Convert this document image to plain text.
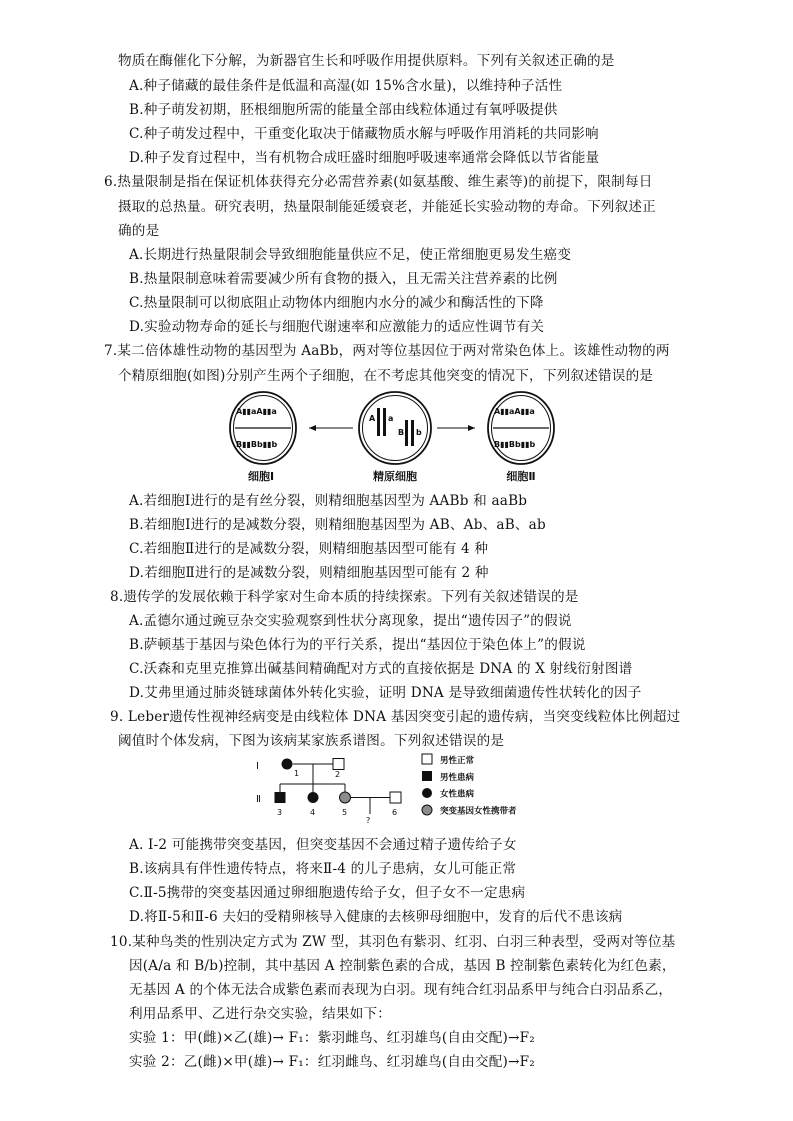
物质在酶催化下分解，为新器官生长和呼吸作用提供原料。下列有关叙述正确的是
A.种子储藏的最佳条件是低温和高湿(如 15%含水量)，以维持种子活性
B.种子萌发初期，胚根细胞所需的能量全部由线粒体通过有氧呼吸提供
C.种子萌发过程中，干重变化取决于储藏物质水解与呼吸作用消耗的共同影响
D.种子发育过程中，当有机物合成旺盛时细胞呼吸速率通常会降低以节省能量
6.热量限制是指在保证机体获得充分必需营养素(如氨基酸、维生素等)的前提下，限制每日
摄取的总热量。研究表明，热量限制能延缓衰老，并能延长实验动物的寿命。下列叙述正
确的是
A.长期进行热量限制会导致细胞能量供应不足，使正常细胞更易发生癌变
B.热量限制意味着需要减少所有食物的摄入，且无需关注营养素的比例
C.热量限制可以彻底阻止动物体内细胞内水分的减少和酶活性的下降
D.实验动物寿命的延长与细胞代谢速率和应激能力的适应性调节有关
7.某二倍体雄性动物的基因型为 AaBb，两对等位基因位于两对常染色体上。该雄性动物的两
个精原细胞(如图)分别产生两个子细胞，在不考虑其他突变的情况下，下列叙述错误的是
A▮▮aA▮▮a
B▮▮Bb▮▮b
细胞Ⅰ
A a
B b
精原细胞
A▮▮aA▮▮a
B▮▮Bb▮▮b
细胞Ⅱ
A.若细胞Ⅰ进行的是有丝分裂，则精细胞基因型为 AABb 和 aaBb
B.若细胞Ⅰ进行的是减数分裂，则精细胞基因型为 AB、Ab、aB、ab
C.若细胞Ⅱ进行的是减数分裂，则精细胞基因型可能有 4 种
D.若细胞Ⅱ进行的是减数分裂，则精细胞基因型可能有 2 种
8.遗传学的发展依赖于科学家对生命本质的持续探索。下列有关叙述错误的是
A.孟德尔通过豌豆杂交实验观察到性状分离现象，提出“遗传因子”的假说
B.萨顿基于基因与染色体行为的平行关系，提出“基因位于染色体上”的假说
C.沃森和克里克推算出碱基间精确配对方式的直接依据是 DNA 的 X 射线衍射图谱
D.艾弗里通过肺炎链球菌体外转化实验，证明 DNA 是导致细菌遗传性状转化的因子
9. Leber遗传性视神经病变是由线粒体 DNA 基因突变引起的遗传病，当突变线粒体比例超过
阈值时个体发病，下图为该病某家族系谱图。下列叙述错误的是
Ⅰ
Ⅱ
1	2
3	4	5	6
?
男性正常
男性患病
女性患病
突变基因女性携带者
A. Ⅰ-2 可能携带突变基因，但突变基因不会通过精子遗传给子女
B.该病具有伴性遗传特点，将来Ⅱ-4 的儿子患病，女儿可能正常
C.Ⅱ-5携带的突变基因通过卵细胞遗传给子女，但子女不一定患病
D.将Ⅱ-5和Ⅱ-6 夫妇的受精卵核导入健康的去核卵母细胞中，发育的后代不患该病
10.某种鸟类的性别决定方式为 ZW 型，其羽色有紫羽、红羽、白羽三种表型，受两对等位基
因(A/a 和 B/b)控制，其中基因 A 控制紫色素的合成，基因 B 控制紫色素转化为红色素，
无基因 A 的个体无法合成紫色素而表现为白羽。现有纯合红羽品系甲与纯合白羽品系乙，
利用品系甲、乙进行杂交实验，结果如下：
实验 1：甲(雌)×乙(雄)→ F₁：紫羽雌鸟、红羽雄鸟(自由交配)→F₂
实验 2：乙(雌)×甲(雄)→ F₁：红羽雌鸟、红羽雄鸟(自由交配)→F₂
